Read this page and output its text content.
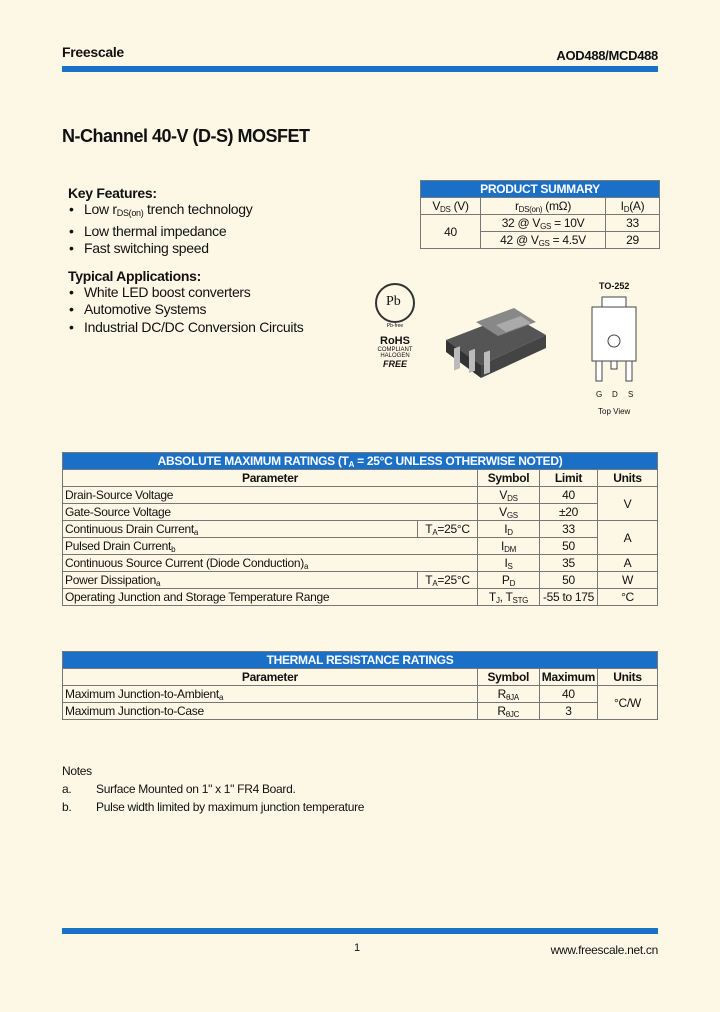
Freescale	AOD488/MCD488
N-Channel 40-V (D-S) MOSFET
Key Features:
• Low $r_{DS(on)}$ trench technology
• Low thermal impedance
• Fast switching speed
Typical Applications:
• White LED boost converters
• Automotive Systems
• Industrial DC/DC Conversion Circuits
PRODUCT SUMMARY		
VDS (V)	rDS(on) (mΩ)	ID(A)
40	32 @ VGS = 10V	33
	42 @ VGS = 4.5V	29
Pb
Pb-free
RoHS
COMPLIANT
HALOGEN
FREE
TO-252
G D S
Top View
ABSOLUTE MAXIMUM RATINGS (TA = 25°C UNLESS OTHERWISE NOTED)				
Parameter		Symbol	Limit	Units
Drain-Source Voltage		VDS	40	V
Gate-Source Voltage		VGS	±20	
Continuous Drain Current$^a$	TA=25°C	ID	33	A
Pulsed Drain Current$^b$		IDM	50	
Continuous Source Current (Diode Conduction)$^a$		IS	35	A
Power Dissipation$^a$	TA=25°C	PD	50	W
Operating Junction and Storage Temperature Range		TJ, TSTG	-55 to 175	°C
THERMAL RESISTANCE RATINGS			
Parameter	Symbol	Maximum	Units
Maximum Junction-to-Ambient$^a$	RθJA	40	°C/W
Maximum Junction-to-Case	RθJC	3	
Notes
a. Surface Mounted on 1" x 1" FR4 Board.
b. Pulse width limited by maximum junction temperature
1	www.freescale.net.cn
